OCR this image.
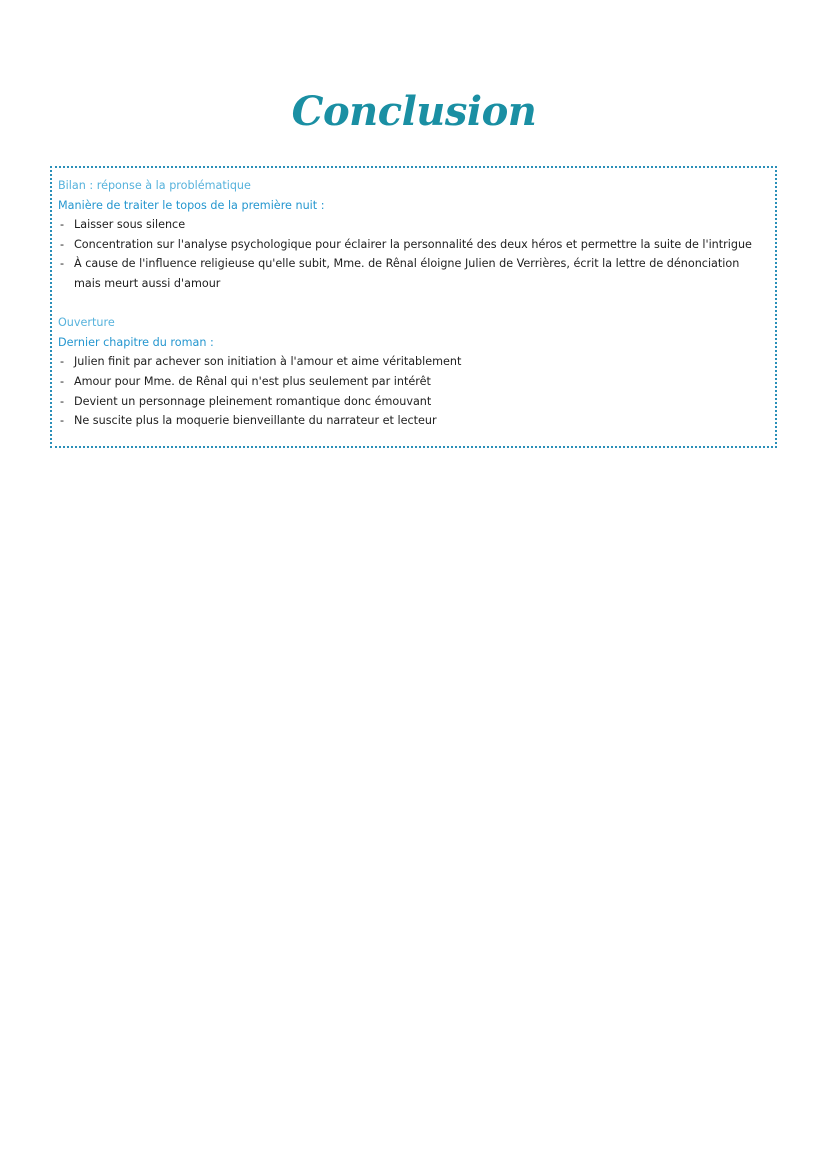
Conclusion
Bilan : réponse à la problématique
Manière de traiter le topos de la première nuit :
- Laisser sous silence
- Concentration sur l'analyse psychologique pour éclairer la personnalité des deux héros et permettre la suite de l'intrigue
- À cause de l'influence religieuse qu'elle subit, Mme. de Rênal éloigne Julien de Verrières, écrit la lettre de dénonciation mais meurt aussi d'amour
Ouverture
Dernier chapitre du roman :
- Julien finit par achever son initiation à l'amour et aime véritablement
- Amour pour Mme. de Rênal qui n'est plus seulement par intérêt
- Devient un personnage pleinement romantique donc émouvant
- Ne suscite plus la moquerie bienveillante du narrateur et lecteur
